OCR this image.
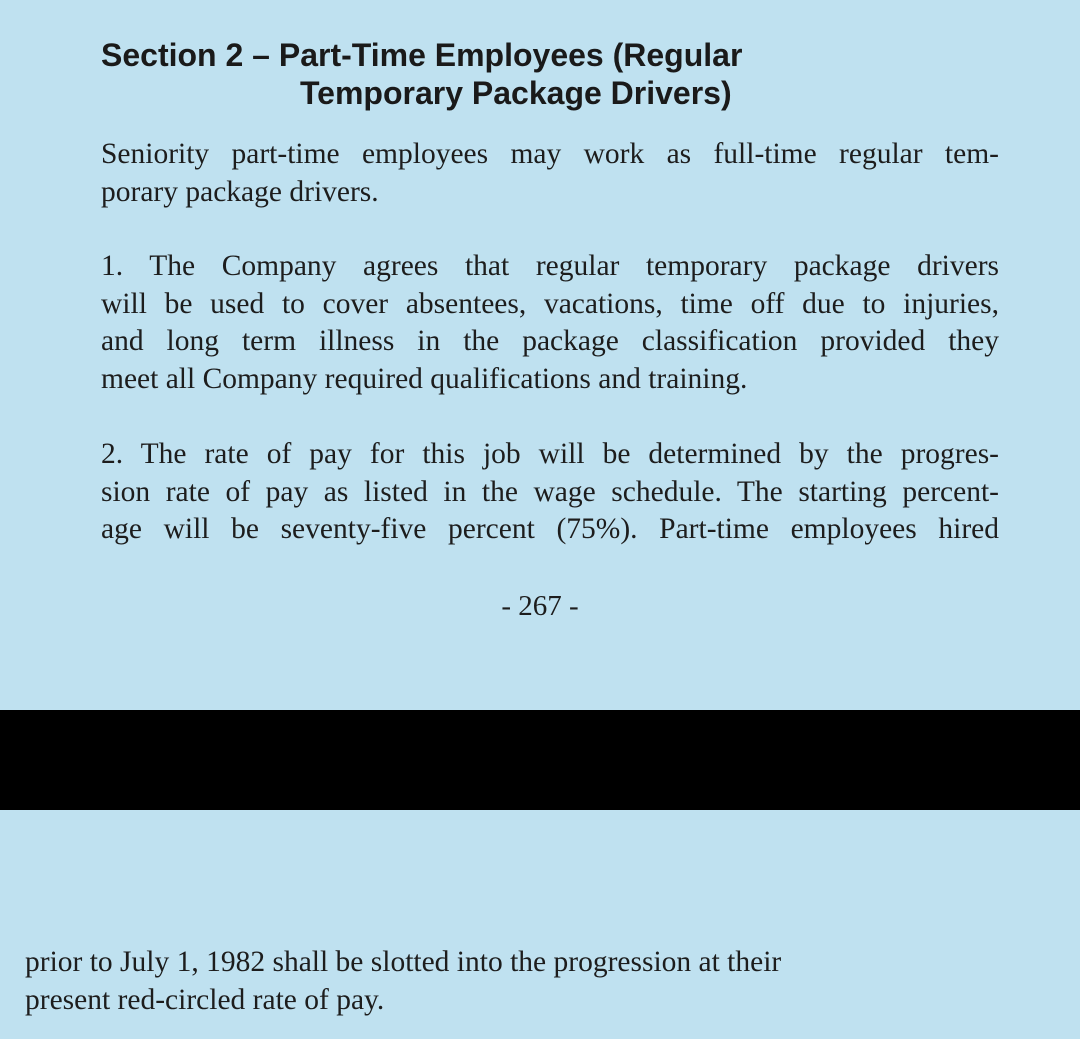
Section 2 – Part-Time Employees (Regular

Temporary Package Drivers)

Seniority part-time employees may work as full-time regular tem-
porary package drivers.

1. The Company agrees that regular temporary package drivers
will be used to cover absentees, vacations, time off due to injuries,
and long term illness in the package classification provided they
meet all Company required qualifications and training.

2. The rate of pay for this job will be determined by the progres-
sion rate of pay as listed in the wage schedule. The starting percent-
age will be seventy-five percent (75%). Part-time employees hired

- 267 -

prior to July 1, 1982 shall be slotted into the progression at their
present red-circled rate of pay.
